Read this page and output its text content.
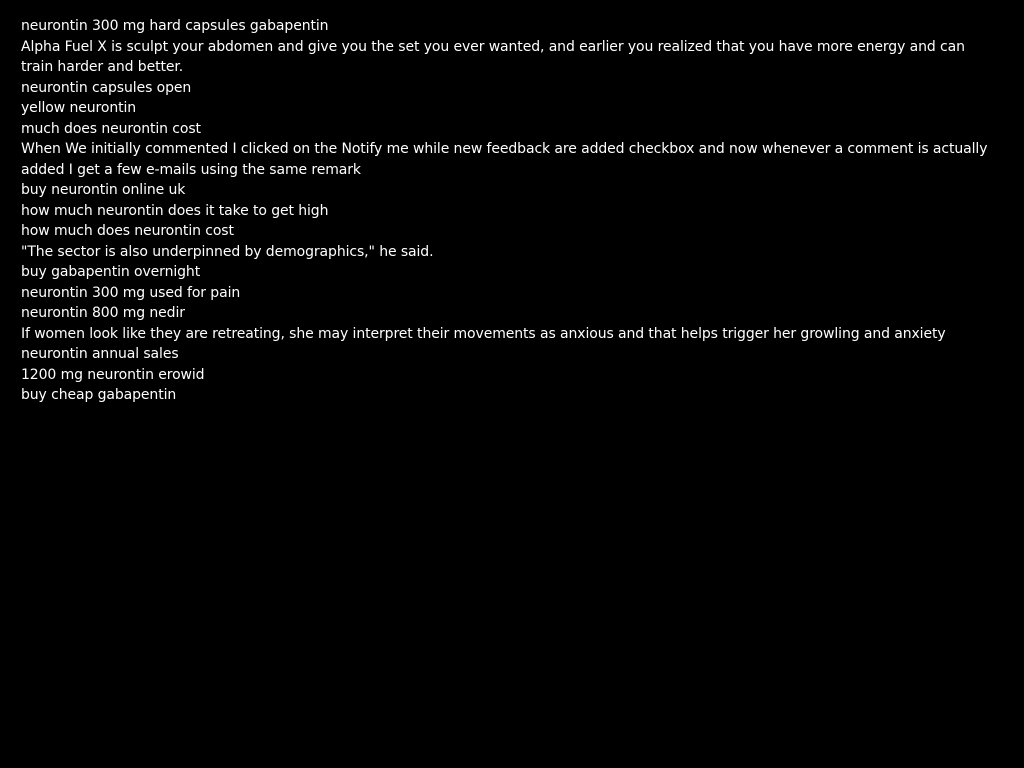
neurontin 300 mg hard capsules gabapentin
Alpha Fuel X is sculpt your abdomen and give you the set you ever wanted, and earlier you realized that you have more energy and can train harder and better.
neurontin capsules open
yellow neurontin
much does neurontin cost
When We initially commented I clicked on the Notify me while new feedback are added checkbox and now whenever a comment is actually added I get a few e-mails using the same remark
buy neurontin online uk
how much neurontin does it take to get high
how much does neurontin cost
"The sector is also underpinned by demographics," he said.
buy gabapentin overnight
neurontin 300 mg used for pain
neurontin 800 mg nedir
If women look like they are retreating, she may interpret their movements as anxious and that helps trigger her growling and anxiety
neurontin annual sales
1200 mg neurontin erowid
buy cheap gabapentin
